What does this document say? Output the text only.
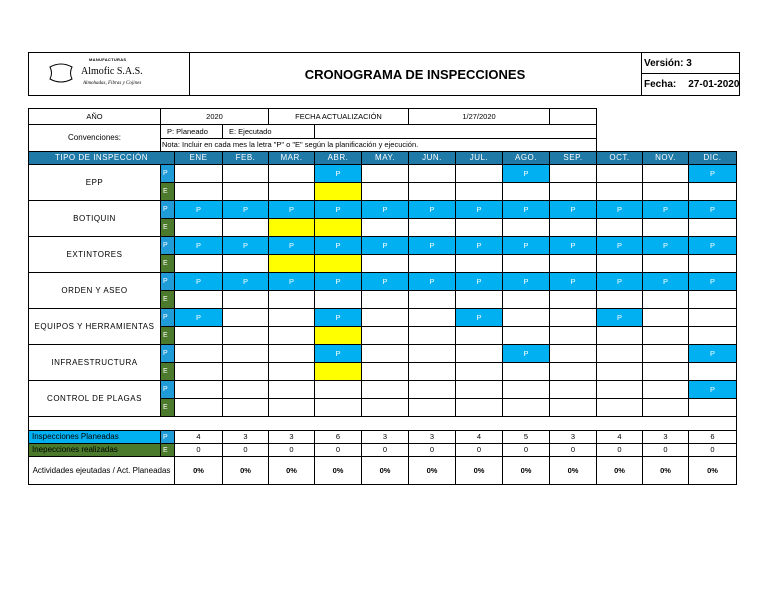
MANUFACTURAS
Almofic S.A.S.
Almohadas, Fibras y Cojines
CRONOGRAMA DE INSPECCIONES
Versión: 3
Fecha: 27-01-2020
AÑO	2020			FECHA ACTUALIZACIÓN			1/27/2020						
Convenciones:	P: Planeado		E: Ejecutado										
	Nota: Incluir en cada mes la letra "P" o "E" según la planificación y ejecución.												
TIPO DE INSPECCIÓN		ENE	FEB.	MAR.	ABR.	MAY.	JUN.	JUL.	AGO.	SEP.	OCT.	NOV.	DIC.
EPP	P				P				P				P
	E												
BOTIQUIN	P	P	P	P	P	P	P	P	P	P	P	P	P
	E												
EXTINTORES	P	P	P	P	P	P	P	P	P	P	P	P	P
	E												
ORDEN Y ASEO	P	P	P	P	P	P	P	P	P	P	P	P	P
	E												
EQUIPOS Y HERRAMIENTAS	P	P			P			P			P		
	E												
INFRAESTRUCTURA	P				P				P				P
	E												
CONTROL DE PLAGAS	P												P
	E												

Inspecciones Planeadas	P	4	3	3	6	3	3	4	5	3	4	3	6
Inepecciones realizadas	E	0	0	0	0	0	0	0	0	0	0	0	0
Actividades ejeutadas / Act. Planeadas		0%	0%	0%	0%	0%	0%	0%	0%	0%	0%	0%	0%
